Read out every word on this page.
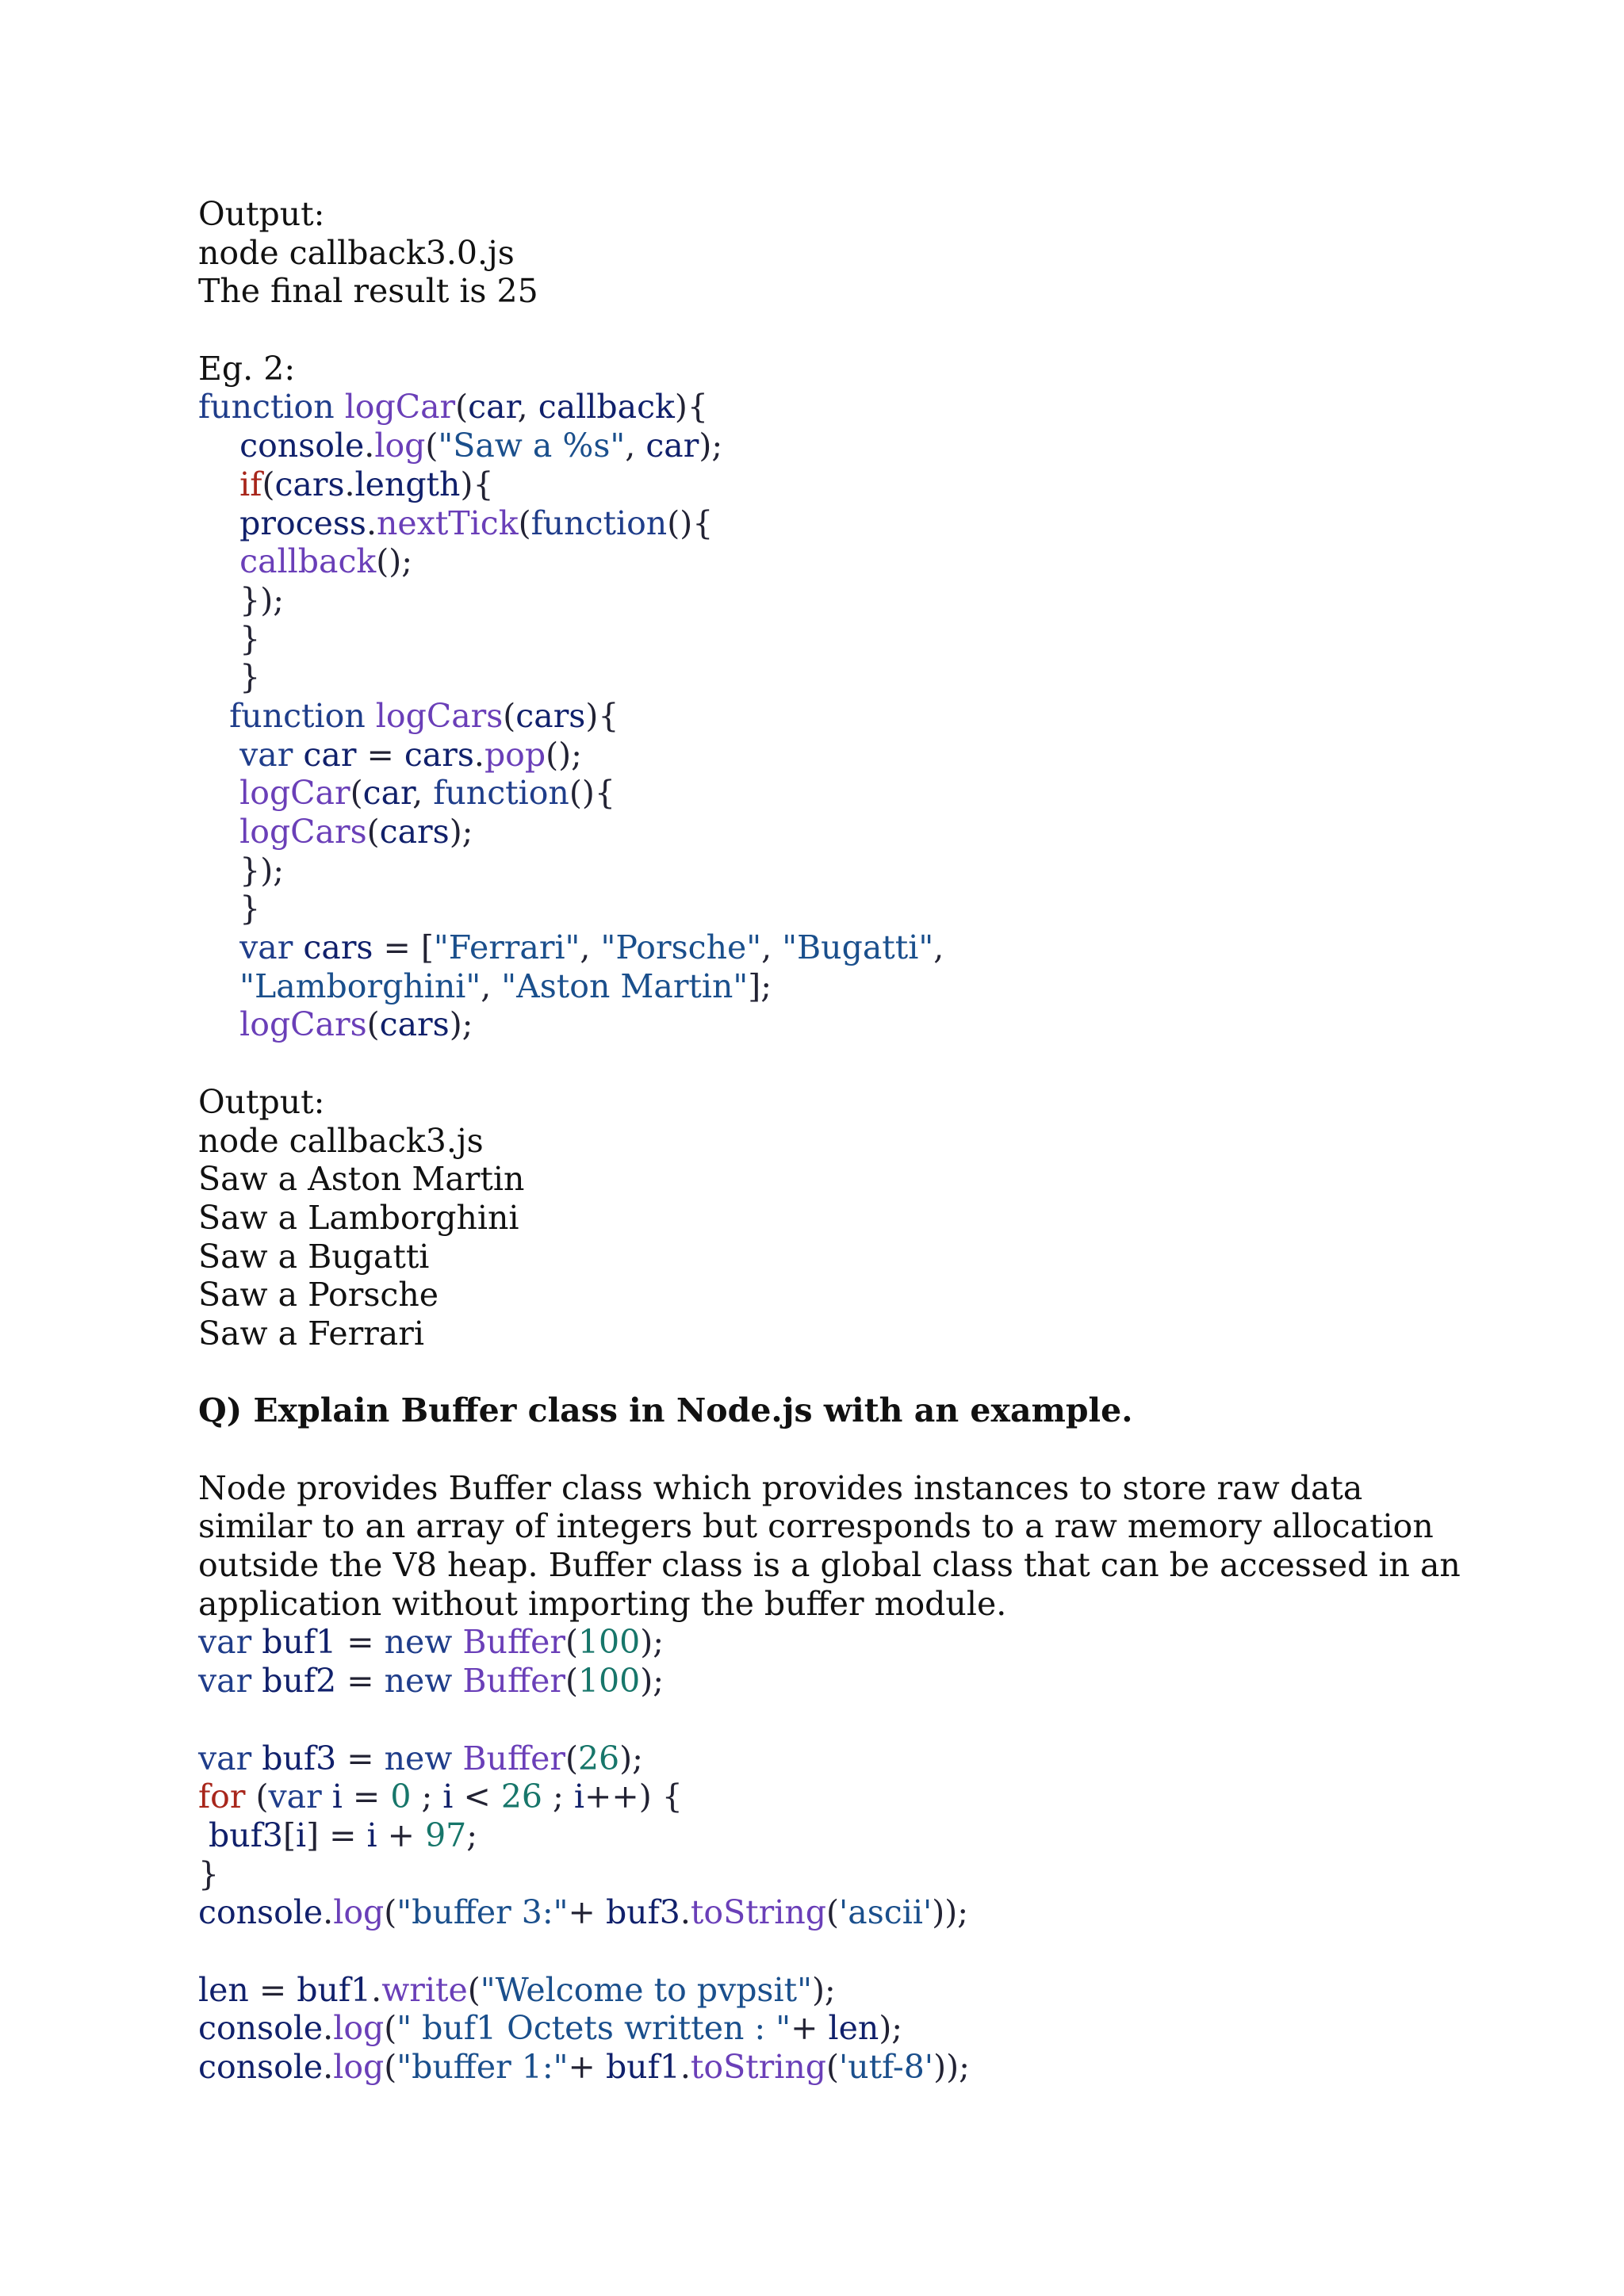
Output:
node callback3.0.js
The final result is 25
Eg. 2:
function logCar(car, callback){
console.log("Saw a %s", car);
if(cars.length){
process.nextTick(function(){
callback();
});
}
}
function logCars(cars){
var car = cars.pop();
logCar(car, function(){
logCars(cars);
});
}
var cars = ["Ferrari", "Porsche", "Bugatti",
"Lamborghini", "Aston Martin"];
logCars(cars);
Output:
node callback3.js
Saw a Aston Martin
Saw a Lamborghini
Saw a Bugatti
Saw a Porsche
Saw a Ferrari
Q) Explain Buffer class in Node.js with an example.
Node provides Buffer class which provides instances to store raw data
similar to an array of integers but corresponds to a raw memory allocation
outside the V8 heap. Buffer class is a global class that can be accessed in an
application without importing the buffer module.
var buf1 = new Buffer(100);
var buf2 = new Buffer(100);
var buf3 = new Buffer(26);
for (var i = 0 ; i < 26 ; i++) {
buf3[i] = i + 97;
}
console.log("buffer 3:"+ buf3.toString('ascii'));
len = buf1.write("Welcome to pvpsit");
console.log(" buf1 Octets written : "+ len);
console.log("buffer 1:"+ buf1.toString('utf-8'));
